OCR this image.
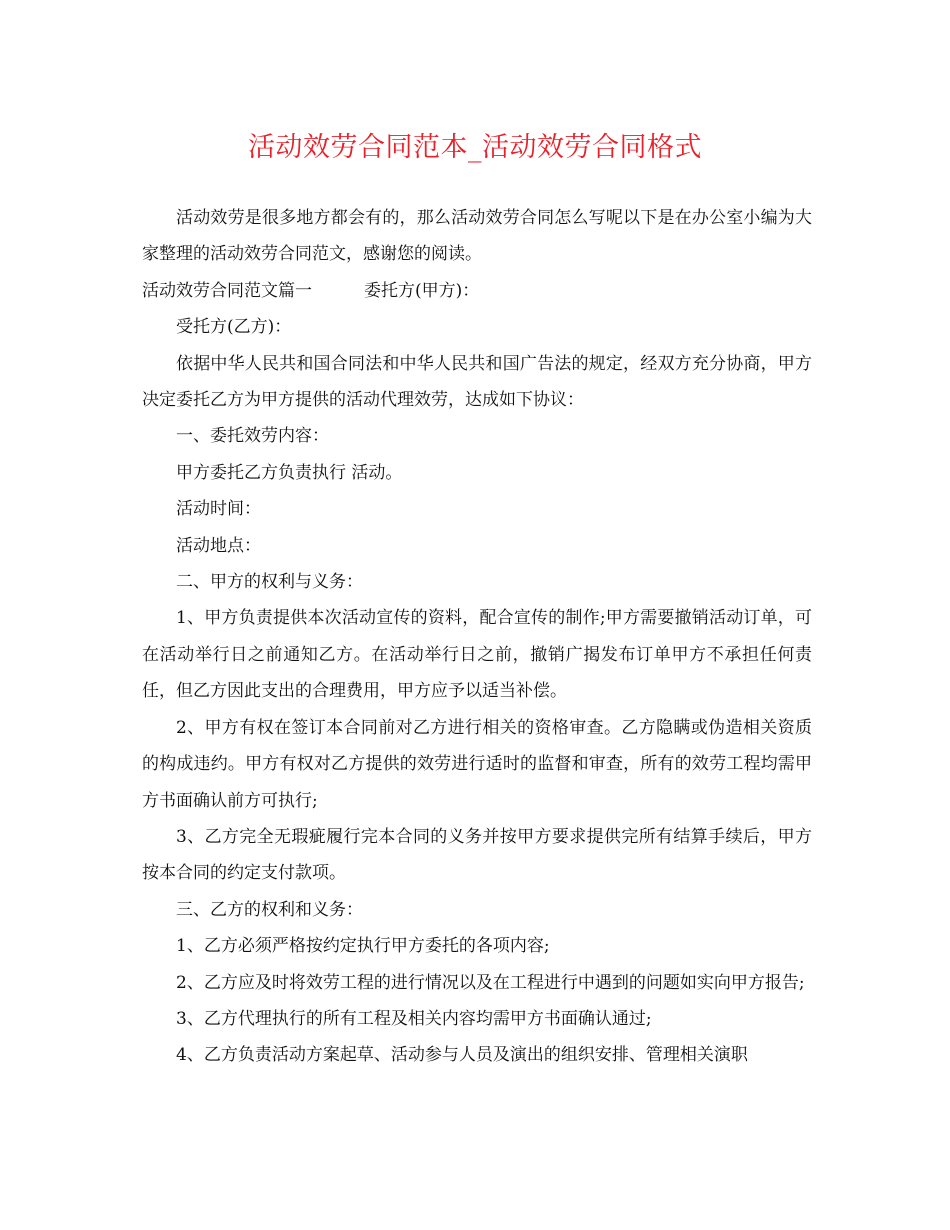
活动效劳合同范本_活动效劳合同格式

活动效劳是很多地方都会有的，那么活动效劳合同怎么写呢以下是在办公室小编为大家整理的活动效劳合同范文，感谢您的阅读。

活动效劳合同范文篇一	委托方(甲方)：

受托方(乙方)：

依据中华人民共和国合同法和中华人民共和国广告法的规定，经双方充分协商，甲方决定委托乙方为甲方提供的活动代理效劳，达成如下协议：

一、委托效劳内容：

甲方委托乙方负责执行 活动。

活动时间：

活动地点：

二、甲方的权利与义务：

1、甲方负责提供本次活动宣传的资料，配合宣传的制作;甲方需要撤销活动订单，可在活动举行日之前通知乙方。在活动举行日之前，撤销广揭发布订单甲方不承担任何责任，但乙方因此支出的合理费用，甲方应予以适当补偿。

2、甲方有权在签订本合同前对乙方进行相关的资格审查。乙方隐瞒或伪造相关资质的构成违约。甲方有权对乙方提供的效劳进行适时的监督和审查，所有的效劳工程均需甲方书面确认前方可执行;

3、乙方完全无瑕疵履行完本合同的义务并按甲方要求提供完所有结算手续后，甲方按本合同的约定支付款项。

三、乙方的权利和义务：

1、乙方必须严格按约定执行甲方委托的各项内容;

2、乙方应及时将效劳工程的进行情况以及在工程进行中遇到的问题如实向甲方报告;

3、乙方代理执行的所有工程及相关内容均需甲方书面确认通过;

4、乙方负责活动方案起草、活动参与人员及演出的组织安排、管理相关演职
